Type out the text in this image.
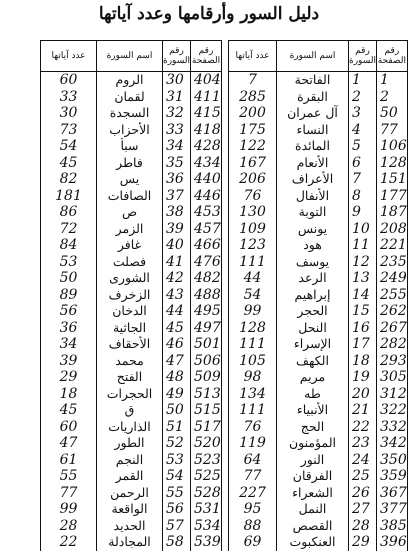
دليل السور وأرقامها وعدد آياتها
عدد آياتها	اسم السورة	رقم السورة	رقم الصفحة
60	الروم	30	404
33	لقمان	31	411
30	السجدة	32	415
73	الأحزاب	33	418
54	سبأ	34	428
45	فاطر	35	434
82	يس	36	440
181	الصافات	37	446
86	ص	38	453
72	الزمر	39	457
84	غافر	40	466
53	فصلت	41	476
50	الشورى	42	482
89	الزخرف	43	488
56	الدخان	44	495
36	الجاثية	45	497
34	الأحقاف	46	501
39	محمد	47	506
29	الفتح	48	509
18	الحجرات	49	513
45	ق	50	515
60	الذاريات	51	517
47	الطور	52	520
61	النجم	53	523
55	القمر	54	525
77	الرحمن	55	528
99	الواقعة	56	531
28	الحديد	57	534
22	المجادلة	58	539
عدد آياتها	اسم السورة	رقم السورة	رقم الصفحة
7	الفاتحة	1	1
285	البقرة	2	2
200	آل عمران	3	50
175	النساء	4	77
122	المائدة	5	106
167	الأنعام	6	128
206	الأعراف	7	151
76	الأنفال	8	177
130	التوبة	9	187
109	يونس	10	208
123	هود	11	221
111	يوسف	12	235
44	الرعد	13	249
54	إبراهيم	14	255
99	الحجر	15	262
128	النحل	16	267
111	الإسراء	17	282
105	الكهف	18	293
98	مريم	19	305
134	طه	20	312
111	الأنبياء	21	322
76	الحج	22	332
119	المؤمنون	23	342
64	النور	24	350
77	الفرقان	25	359
227	الشعراء	26	367
95	النمل	27	377
88	القصص	28	385
69	العنكبوت	29	396
